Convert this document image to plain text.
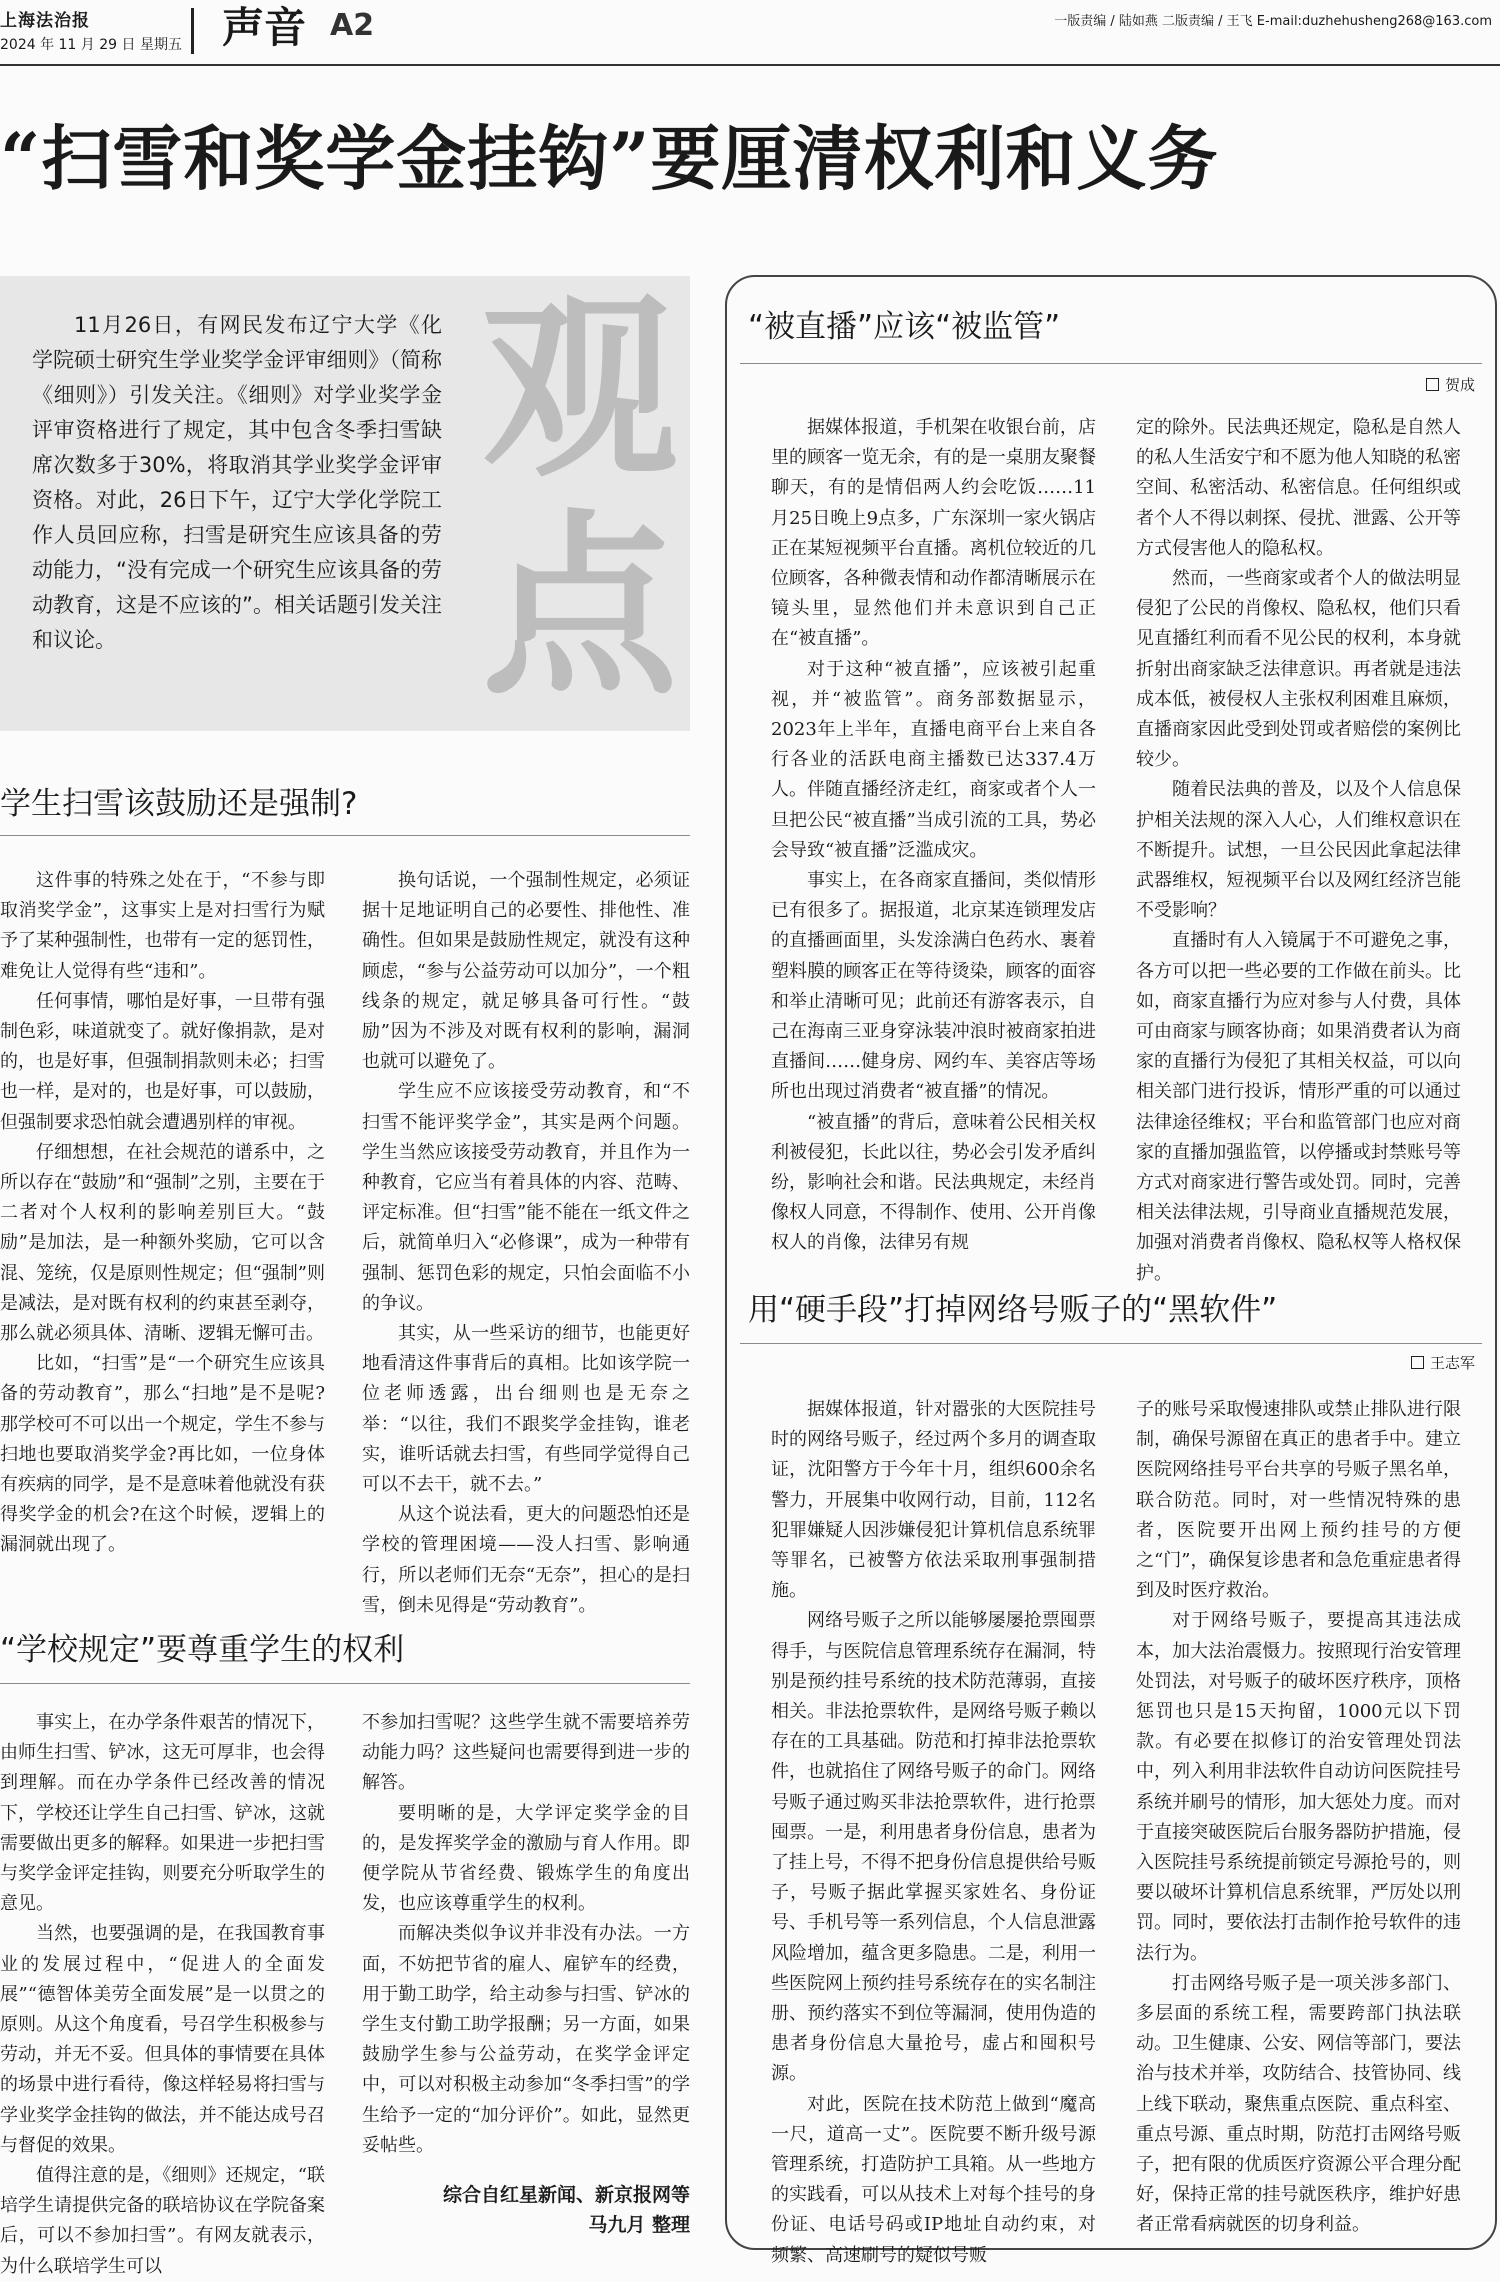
上海法治报
2024 年 11 月 29 日 星期五 声音 A2	一版责编 / 陆如燕 二版责编 / 王飞 E-mail:duzhehusheng268@163.com
“扫雪和奖学金挂钩”要厘清权利和义务
11月26日，有网民发布辽宁大学《化学院硕士研究生学业奖学金评审细则》（简称《细则》）引发关注。《细则》对学业奖学金评审资格进行了规定，其中包含冬季扫雪缺席次数多于30%，将取消其学业奖学金评审资格。对此，26日下午，辽宁大学化学院工作人员回应称，扫雪是研究生应该具备的劳动能力，“没有完成一个研究生应该具备的劳动教育，这是不应该的”。相关话题引发关注和议论。
观点
学生扫雪该鼓励还是强制?

这件事的特殊之处在于，“不参与即取消奖学金”，这事实上是对扫雪行为赋予了某种强制性，也带有一定的惩罚性，难免让人觉得有些“违和”。

任何事情，哪怕是好事，一旦带有强制色彩，味道就变了。就好像捐款，是对的，也是好事，但强制捐款则未必；扫雪也一样，是对的，也是好事，可以鼓励，但强制要求恐怕就会遭遇别样的审视。

仔细想想，在社会规范的谱系中，之所以存在“鼓励”和“强制”之别，主要在于二者对个人权利的影响差别巨大。“鼓励”是加法，是一种额外奖励，它可以含混、笼统，仅是原则性规定；但“强制”则是减法，是对既有权利的约束甚至剥夺，那么就必须具体、清晰、逻辑无懈可击。

比如，“扫雪”是“一个研究生应该具备的劳动教育”，那么“扫地”是不是呢?那学校可不可以出一个规定，学生不参与扫地也要取消奖学金?再比如，一位身体有疾病的同学，是不是意味着他就没有获得奖学金的机会?在这个时候，逻辑上的漏洞就出现了。

换句话说，一个强制性规定，必须证据十足地证明自己的必要性、排他性、准确性。但如果是鼓励性规定，就没有这种顾虑，“参与公益劳动可以加分”，一个粗线条的规定，就足够具备可行性。“鼓励”因为不涉及对既有权利的影响，漏洞也就可以避免了。

学生应不应该接受劳动教育，和“不扫雪不能评奖学金”，其实是两个问题。学生当然应该接受劳动教育，并且作为一种教育，它应当有着具体的内容、范畴、评定标准。但“扫雪”能不能在一纸文件之后，就简单归入“必修课”，成为一种带有强制、惩罚色彩的规定，只怕会面临不小的争议。

其实，从一些采访的细节，也能更好地看清这件事背后的真相。比如该学院一位老师透露，出台细则也是无奈之举：“以往，我们不跟奖学金挂钩，谁老实，谁听话就去扫雪，有些同学觉得自己可以不去干，就不去。”

从这个说法看，更大的问题恐怕还是学校的管理困境——没人扫雪、影响通行，所以老师们无奈“无奈”，担心的是扫雪，倒未见得是“劳动教育”。

“学校规定”要尊重学生的权利

事实上，在办学条件艰苦的情况下，由师生扫雪、铲冰，这无可厚非，也会得到理解。而在办学条件已经改善的情况下，学校还让学生自己扫雪、铲冰，这就需要做出更多的解释。如果进一步把扫雪与奖学金评定挂钩，则要充分听取学生的意见。

当然，也要强调的是，在我国教育事业的发展过程中，“促进人的全面发展”“德智体美劳全面发展”是一以贯之的原则。从这个角度看，号召学生积极参与劳动，并无不妥。但具体的事情要在具体的场景中进行看待，像这样轻易将扫雪与学业奖学金挂钩的做法，并不能达成号召与督促的效果。

值得注意的是，《细则》还规定，“联培学生请提供完备的联培协议在学院备案后，可以不参加扫雪”。有网友就表示，为什么联培学生可以

不参加扫雪呢？这些学生就不需要培养劳动能力吗？这些疑问也需要得到进一步的解答。

要明晰的是，大学评定奖学金的目的，是发挥奖学金的激励与育人作用。即便学院从节省经费、锻炼学生的角度出发，也应该尊重学生的权利。

而解决类似争议并非没有办法。一方面，不妨把节省的雇人、雇铲车的经费，用于勤工助学，给主动参与扫雪、铲冰的学生支付勤工助学报酬；另一方面，如果鼓励学生参与公益劳动，在奖学金评定中，可以对积极主动参加“冬季扫雪”的学生给予一定的“加分评价”。如此，显然更妥帖些。

综合自红星新闻、新京报网等
马九月 整理
“被直播”应该“被监管”
贺成

据媒体报道，手机架在收银台前，店里的顾客一览无余，有的是一桌朋友聚餐聊天，有的是情侣两人约会吃饭……11月25日晚上9点多，广东深圳一家火锅店正在某短视频平台直播。离机位较近的几位顾客，各种微表情和动作都清晰展示在镜头里，显然他们并未意识到自己正在“被直播”。

对于这种“被直播”，应该被引起重视，并“被监管”。商务部数据显示，2023年上半年，直播电商平台上来自各行各业的活跃电商主播数已达337.4万人。伴随直播经济走红，商家或者个人一旦把公民“被直播”当成引流的工具，势必会导致“被直播”泛滥成灾。

事实上，在各商家直播间，类似情形已有很多了。据报道，北京某连锁理发店的直播画面里，头发涂满白色药水、裹着塑料膜的顾客正在等待烫染，顾客的面容和举止清晰可见；此前还有游客表示，自己在海南三亚身穿泳装冲浪时被商家拍进直播间……健身房、网约车、美容店等场所也出现过消费者“被直播”的情况。

“被直播”的背后，意味着公民相关权利被侵犯，长此以往，势必会引发矛盾纠纷，影响社会和谐。民法典规定，未经肖像权人同意，不得制作、使用、公开肖像权人的肖像，法律另有规

定的除外。民法典还规定，隐私是自然人的私人生活安宁和不愿为他人知晓的私密空间、私密活动、私密信息。任何组织或者个人不得以刺探、侵扰、泄露、公开等方式侵害他人的隐私权。

然而，一些商家或者个人的做法明显侵犯了公民的肖像权、隐私权，他们只看见直播红利而看不见公民的权利，本身就折射出商家缺乏法律意识。再者就是违法成本低，被侵权人主张权利困难且麻烦，直播商家因此受到处罚或者赔偿的案例比较少。

随着民法典的普及，以及个人信息保护相关法规的深入人心，人们维权意识在不断提升。试想，一旦公民因此拿起法律武器维权，短视频平台以及网红经济岂能不受影响？

直播时有人入镜属于不可避免之事，各方可以把一些必要的工作做在前头。比如，商家直播行为应对参与人付费，具体可由商家与顾客协商；如果消费者认为商家的直播行为侵犯了其相关权益，可以向相关部门进行投诉，情形严重的可以通过法律途径维权；平台和监管部门也应对商家的直播加强监管，以停播或封禁账号等方式对商家进行警告或处罚。同时，完善相关法律法规，引导商业直播规范发展，加强对消费者肖像权、隐私权等人格权保护。

用“硬手段”打掉网络号贩子的“黑软件”
王志军

据媒体报道，针对嚣张的大医院挂号时的网络号贩子，经过两个多月的调查取证，沈阳警方于今年十月，组织600余名警力，开展集中收网行动，目前，112名犯罪嫌疑人因涉嫌侵犯计算机信息系统罪等罪名，已被警方依法采取刑事强制措施。

网络号贩子之所以能够屡屡抢票囤票得手，与医院信息管理系统存在漏洞，特别是预约挂号系统的技术防范薄弱，直接相关。非法抢票软件，是网络号贩子赖以存在的工具基础。防范和打掉非法抢票软件，也就掐住了网络号贩子的命门。网络号贩子通过购买非法抢票软件，进行抢票囤票。一是，利用患者身份信息，患者为了挂上号，不得不把身份信息提供给号贩子，号贩子据此掌握买家姓名、身份证号、手机号等一系列信息，个人信息泄露风险增加，蕴含更多隐患。二是，利用一些医院网上预约挂号系统存在的实名制注册、预约落实不到位等漏洞，使用伪造的患者身份信息大量抢号，虚占和囤积号源。

对此，医院在技术防范上做到“魔高一尺，道高一丈”。医院要不断升级号源管理系统，打造防护工具箱。从一些地方的实践看，可以从技术上对每个挂号的身份证、电话号码或IP地址自动约束，对频繁、高速刷号的疑似号贩

子的账号采取慢速排队或禁止排队进行限制，确保号源留在真正的患者手中。建立医院网络挂号平台共享的号贩子黑名单，联合防范。同时，对一些情况特殊的患者，医院要开出网上预约挂号的方便之“门”，确保复诊患者和急危重症患者得到及时医疗救治。

对于网络号贩子，要提高其违法成本，加大法治震慑力。按照现行治安管理处罚法，对号贩子的破坏医疗秩序，顶格惩罚也只是15天拘留，1000元以下罚款。有必要在拟修订的治安管理处罚法中，列入利用非法软件自动访问医院挂号系统并刷号的情形，加大惩处力度。而对于直接突破医院后台服务器防护措施，侵入医院挂号系统提前锁定号源抢号的，则要以破坏计算机信息系统罪，严厉处以刑罚。同时，要依法打击制作抢号软件的违法行为。

打击网络号贩子是一项关涉多部门、多层面的系统工程，需要跨部门执法联动。卫生健康、公安、网信等部门，要法治与技术并举，攻防结合、技管协同、线上线下联动，聚焦重点医院、重点科室、重点号源、重点时期，防范打击网络号贩子，把有限的优质医疗资源公平合理分配好，保持正常的挂号就医秩序，维护好患者正常看病就医的切身利益。
